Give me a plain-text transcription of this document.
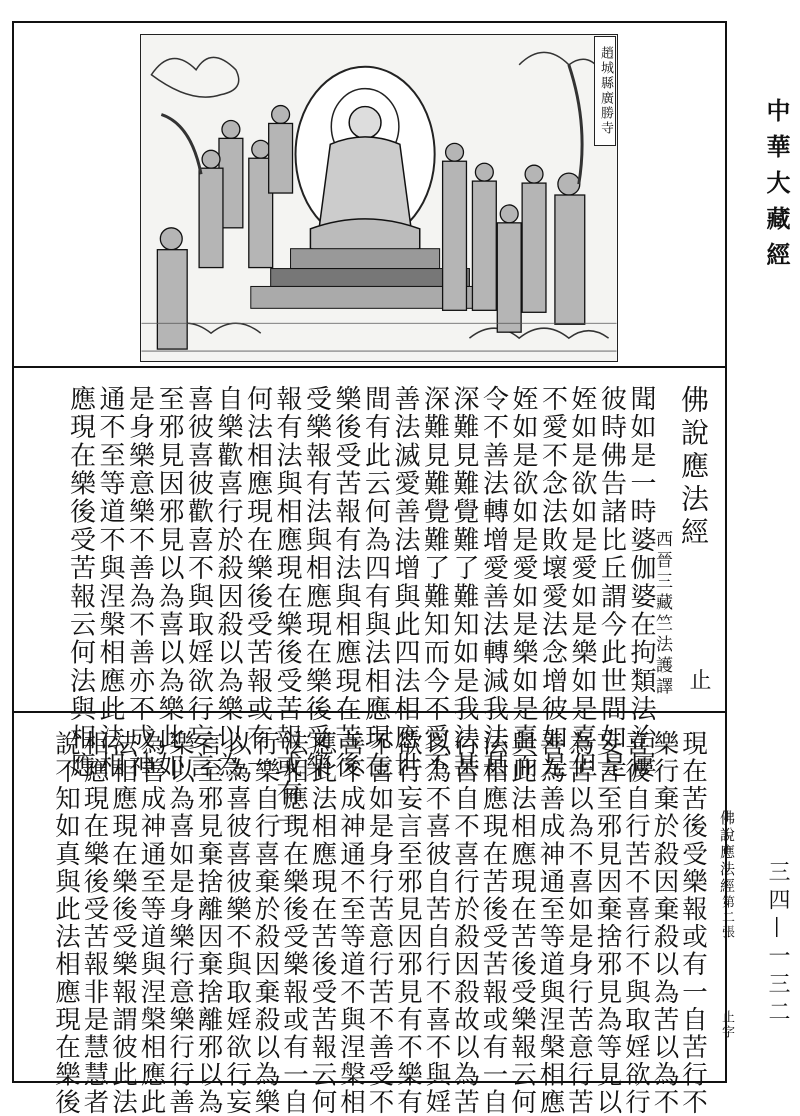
中華大藏經
三四—一三二
趙城縣廣勝寺
佛說應法經
西晉三藏竺法護譯 止
聞如是一時婆伽婆在拘類法治屢
彼時佛告諸比丘謂今此世間如是
姪如是欲如是愛如是樂如是喜但
不愛不念法敗壞愛法念增彼如是
姪如是欲如是愛如是樂如是喜而
令不善法轉增愛善法轉減我法甚
深難見難覺難了難知如是我法甚
深難見難覺難了難知而今不愛不
善法滅愛善法增與此四法相應世
間有此云何為四有與法相應現在
樂後受苦報有法與相應現在苦後
受樂報有法與相應現在樂後受樂
報有法與相應現在樂後受苦報或有一
何法相應現在樂後受苦報或有一
自樂歡喜行於殺因殺以為樂以為
喜彼喜彼歡喜不與取婬欲行妄言
至邪見因邪見以為喜以為樂此如
是身樂意樂不善為不善亦不成神
通不至等道不與涅槃相應此法相
應現在樂後受苦報云何法與相應
佛說應法經
第二張
止字
現在苦後受樂報或有一自苦行不
樂行棄於殺因棄殺以為苦以為不
喜彼自行苦不喜行不與取婬欲行
妄言至邪見因棄捨邪見為等見以
為苦以為不喜如是身行苦意行苦
善為善成神通至等道與涅槃相應
與此法相應現在苦後受樂報云何
法相應現在苦後受苦報或有一自
行苦自不喜行於殺因殺故以為苦
以為不喜彼自苦自行不喜不與婬
欲行妄言至邪見因邪見有不樂有
不喜如是身行苦意行苦不善受不
善不成神通不至等道不與涅槃相
應此法相應現在苦後受苦報云何
法相應現在樂後受樂報或有一自
行樂自行喜棄於殺因棄殺以為樂
以為喜彼喜彼樂不與取婬欲行妄
言至邪見棄捨離因棄捨離邪以為
樂以為喜如是身樂行意樂行行善
為善成神通至等道與涅槃相應此
法相應現在樂後受樂報謂彼此法
相應現在樂後受苦報非是慧慧者
說不知如真與此法相應現在樂後
